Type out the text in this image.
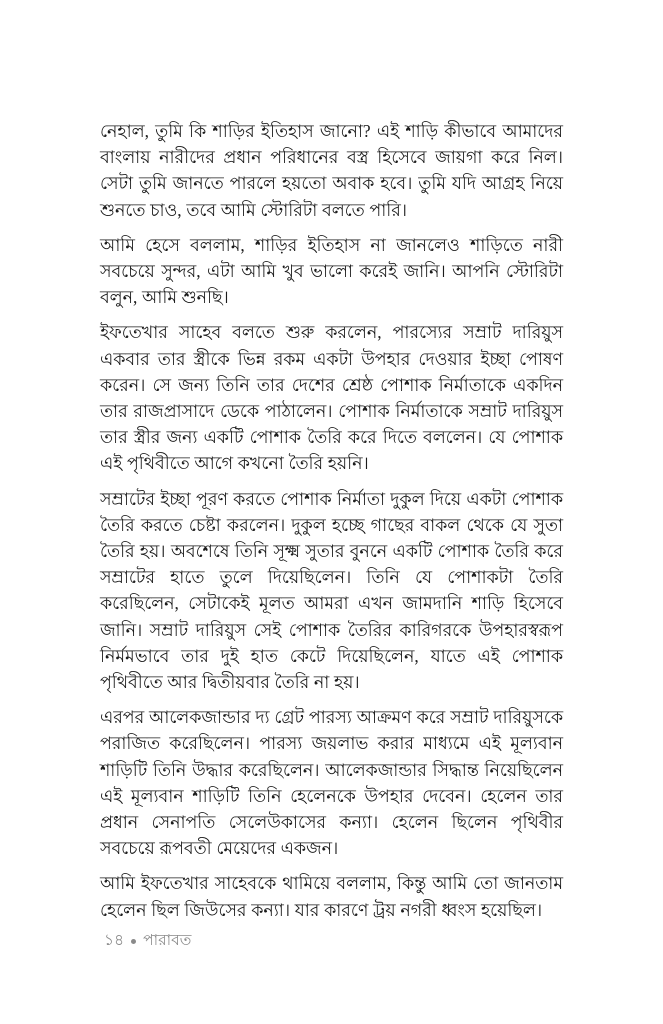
নেহাল, তুমি কি শাড়ির ইতিহাস জানো? এই শাড়ি কীভাবে আমাদের বাংলায় নারীদের প্রধান পরিধানের বস্ত্র হিসেবে জায়গা করে নিল। সেটা তুমি জানতে পারলে হয়তো অবাক হবে। তুমি যদি আগ্রহ নিয়ে শুনতে চাও, তবে আমি স্টোরিটা বলতে পারি।

আমি হেসে বললাম, শাড়ির ইতিহাস না জানলেও শাড়িতে নারী সবচেয়ে সুন্দর, এটা আমি খুব ভালো করেই জানি। আপনি স্টোরিটা বলুন, আমি শুনছি।

ইফতেখার সাহেব বলতে শুরু করলেন, পারস্যের সম্রাট দারিয়ুস একবার তার স্ত্রীকে ভিন্ন রকম একটা উপহার দেওয়ার ইচ্ছা পোষণ করেন। সে জন্য তিনি তার দেশের শ্রেষ্ঠ পোশাক নির্মাতাকে একদিন তার রাজপ্রাসাদে ডেকে পাঠালেন। পোশাক নির্মাতাকে সম্রাট দারিয়ুস তার স্ত্রীর জন্য একটি পোশাক তৈরি করে দিতে বললেন। যে পোশাক এই পৃথিবীতে আগে কখনো তৈরি হয়নি।

সম্রাটের ইচ্ছা পূরণ করতে পোশাক নির্মাতা দুকুল দিয়ে একটা পোশাক তৈরি করতে চেষ্টা করলেন। দুকুল হচ্ছে গাছের বাকল থেকে যে সুতা তৈরি হয়। অবশেষে তিনি সূক্ষ্ম সুতার বুননে একটি পোশাক তৈরি করে সম্রাটের হাতে তুলে দিয়েছিলেন। তিনি যে পোশাকটা তৈরি করেছিলেন, সেটাকেই মূলত আমরা এখন জামদানি শাড়ি হিসেবে জানি। সম্রাট দারিয়ুস সেই পোশাক তৈরির কারিগরকে উপহারস্বরূপ নির্মমভাবে তার দুই হাত কেটে দিয়েছিলেন, যাতে এই পোশাক পৃথিবীতে আর দ্বিতীয়বার তৈরি না হয়।

এরপর আলেকজান্ডার দ্য গ্রেট পারস্য আক্রমণ করে সম্রাট দারিয়ুসকে পরাজিত করেছিলেন। পারস্য জয়লাভ করার মাধ্যমে এই মূল্যবান শাড়িটি তিনি উদ্ধার করেছিলেন। আলেকজান্ডার সিদ্ধান্ত নিয়েছিলেন এই মূল্যবান শাড়িটি তিনি হেলেনকে উপহার দেবেন। হেলেন তার প্রধান সেনাপতি সেলেউকাসের কন্যা। হেলেন ছিলেন পৃথিবীর সবচেয়ে রূপবতী মেয়েদের একজন।

আমি ইফতেখার সাহেবকে থামিয়ে বললাম, কিন্তু আমি তো জানতাম হেলেন ছিল জিউসের কন্যা। যার কারণে ট্রয় নগরী ধ্বংস হয়েছিল।

১৪ পারাবত
